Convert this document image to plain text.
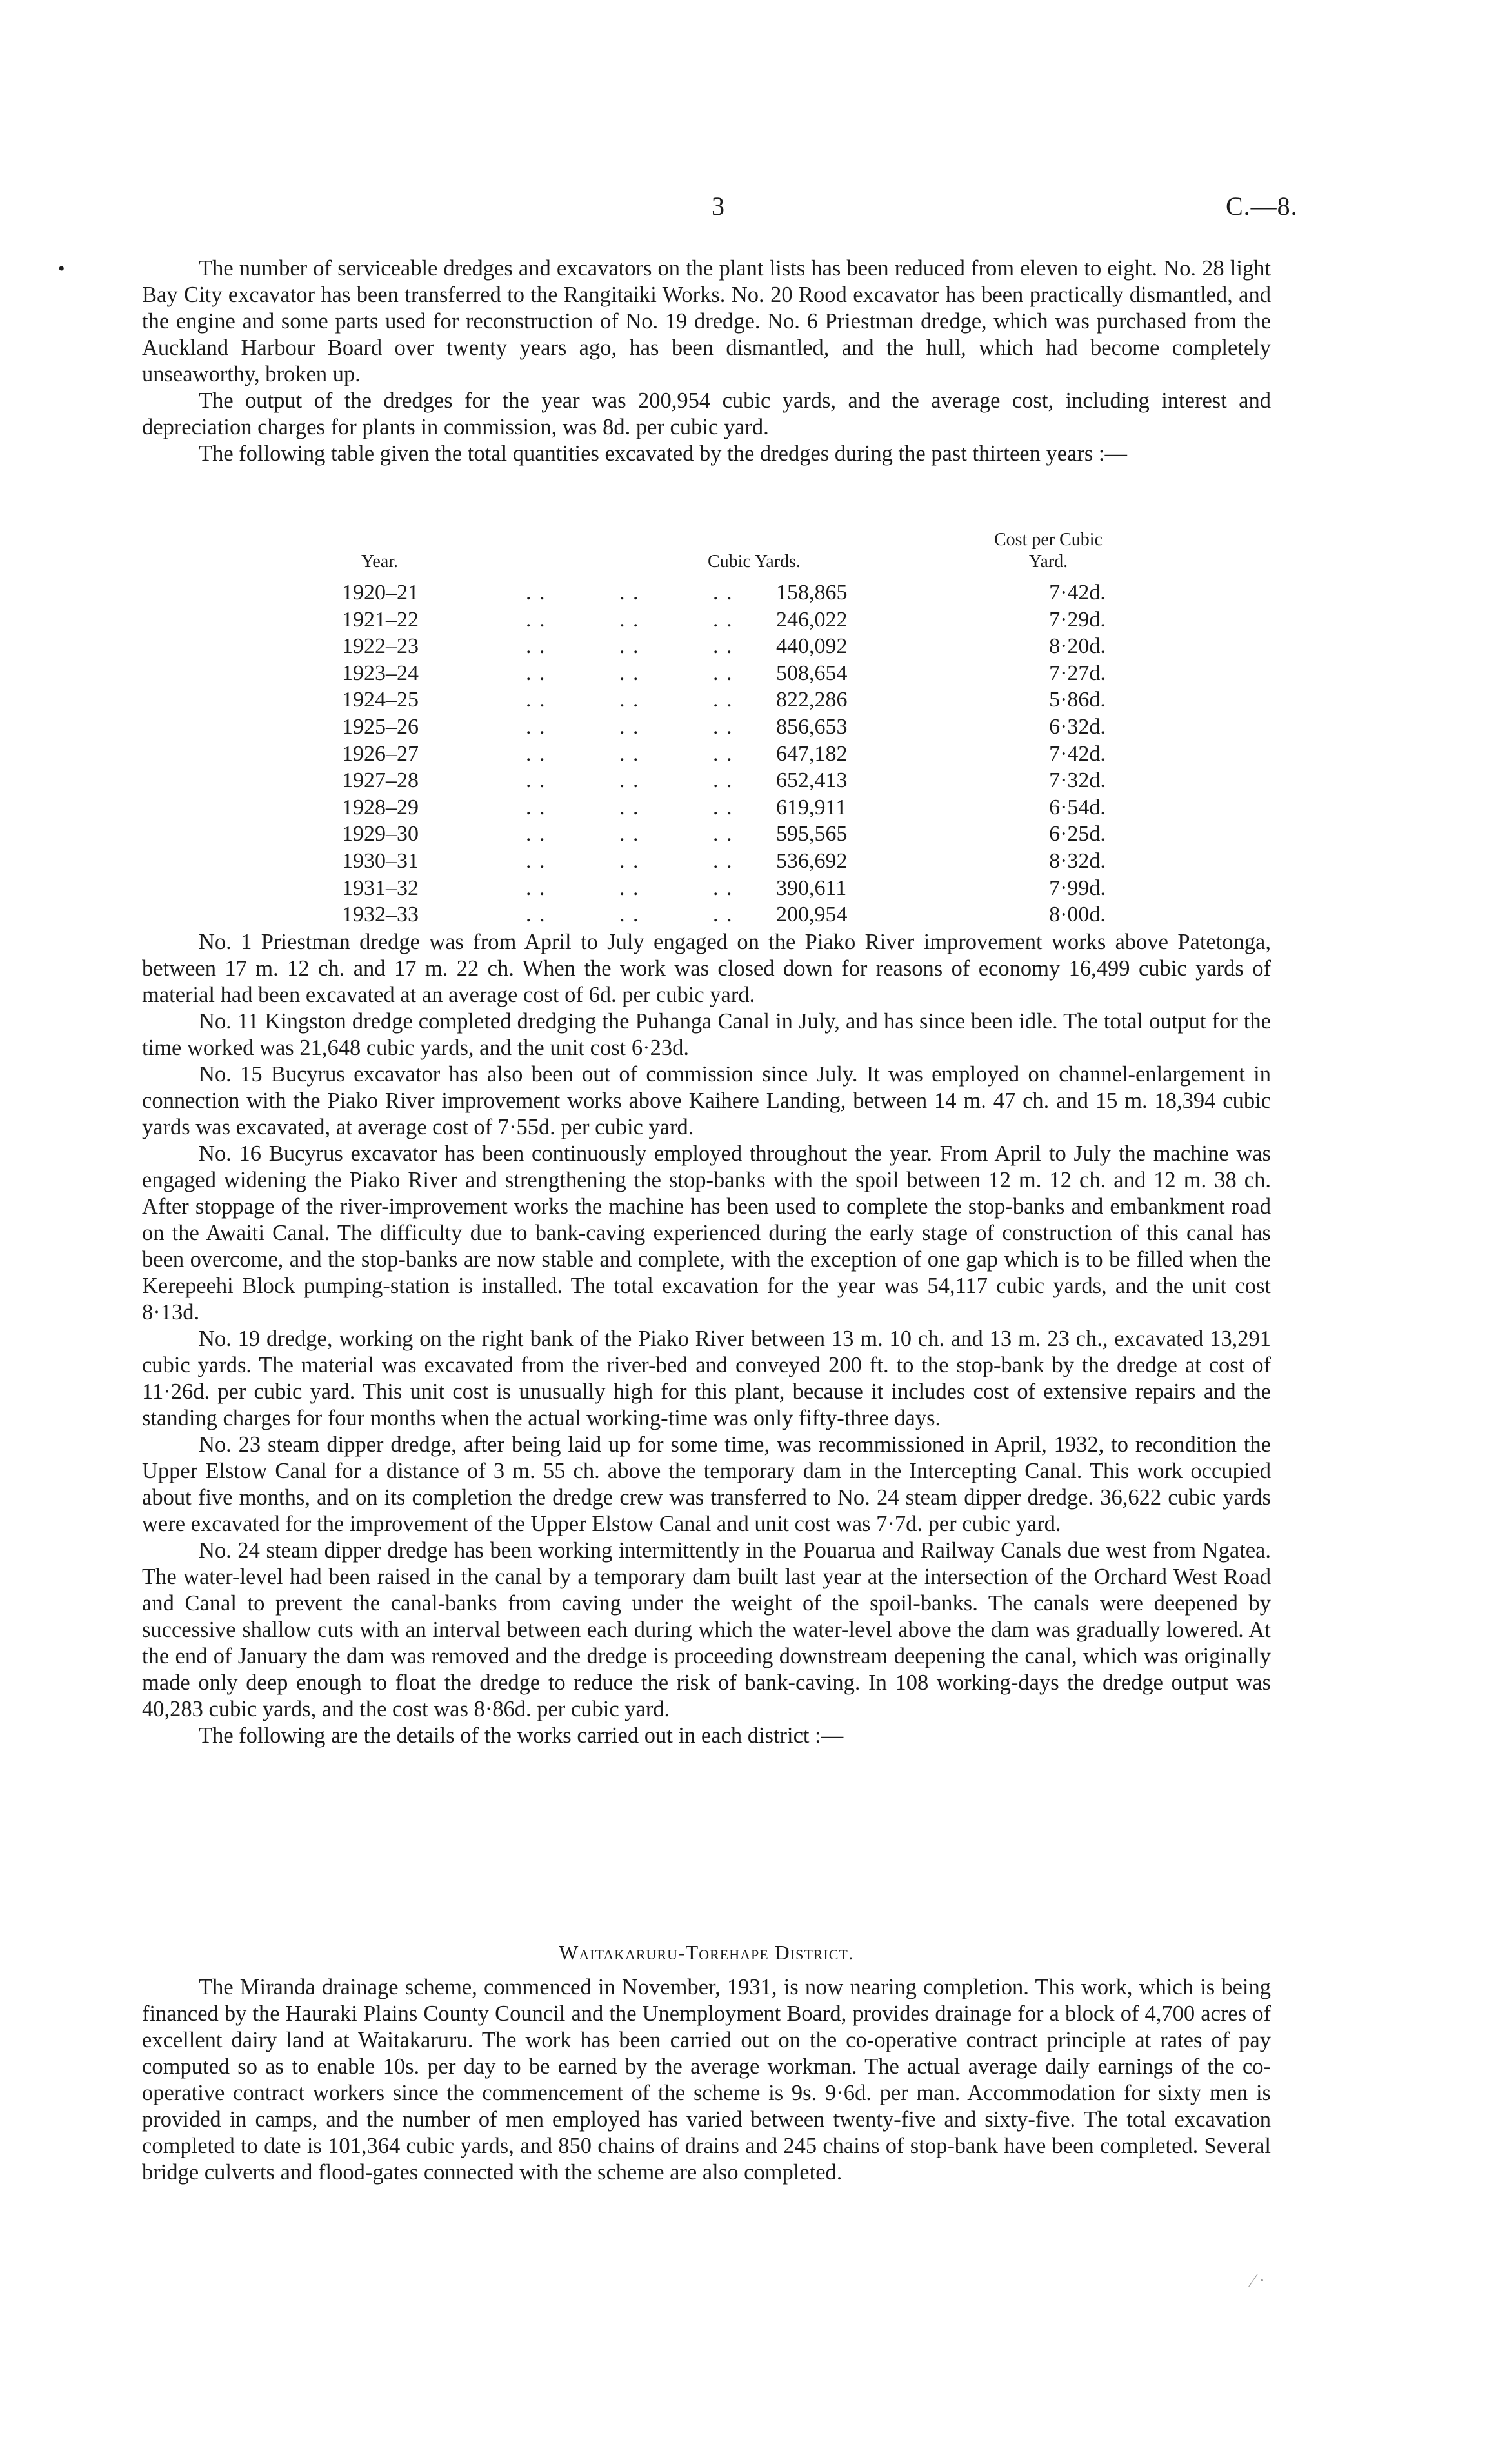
3	C.—8.
•	The number of serviceable dredges and excavators on the plant lists has been reduced from eleven to eight. No. 28 light Bay City excavator has been transferred to the Rangitaiki Works. No. 20 Rood excavator has been practically dismantled, and the engine and some parts used for reconstruction of No. 19 dredge. No. 6 Priestman dredge, which was purchased from the Auckland Harbour Board over twenty years ago, has been dismantled, and the hull, which had become completely unseaworthy, broken up.

The output of the dredges for the year was 200,954 cubic yards, and the average cost, including interest and depreciation charges for plants in commission, was 8d. per cubic yard.

The following table given the total quantities excavated by the dredges during the past thirteen years :—

Year.	Cubic Yards.
Cost per Cubic Yard.
1920–21	. .	. .	. .	158,865	7·42d.
1921–22	. .	. .	. .	246,022	7·29d.
1922–23	. .	. .	. .	440,092	8·20d.
1923–24	. .	. .	. .	508,654	7·27d.
1924–25	. .	. .	. .	822,286	5·86d.
1925–26	. .	. .	. .	856,653	6·32d.
1926–27	. .	. .	. .	647,182	7·42d.
1927–28	. .	. .	. .	652,413	7·32d.
1928–29	. .	. .	. .	619,911	6·54d.
1929–30	. .	. .	. .	595,565	6·25d.
1930–31	. .	. .	. .	536,692	8·32d.
1931–32	. .	. .	. .	390,611	7·99d.
1932–33	. .	. .	. .	200,954	8·00d.

No. 1 Priestman dredge was from April to July engaged on the Piako River improvement works above Patetonga, between 17 m. 12 ch. and 17 m. 22 ch. When the work was closed down for reasons of economy 16,499 cubic yards of material had been excavated at an average cost of 6d. per cubic yard.

No. 11 Kingston dredge completed dredging the Puhanga Canal in July, and has since been idle. The total output for the time worked was 21,648 cubic yards, and the unit cost 6·23d.

No. 15 Bucyrus excavator has also been out of commission since July. It was employed on channel-enlargement in connection with the Piako River improvement works above Kaihere Landing, between 14 m. 47 ch. and 15 m. 18,394 cubic yards was excavated, at average cost of 7·55d. per cubic yard.

No. 16 Bucyrus excavator has been continuously employed throughout the year. From April to July the machine was engaged widening the Piako River and strengthening the stop-banks with the spoil between 12 m. 12 ch. and 12 m. 38 ch. After stoppage of the river-improvement works the machine has been used to complete the stop-banks and embankment road on the Awaiti Canal. The difficulty due to bank-caving experienced during the early stage of construction of this canal has been overcome, and the stop-banks are now stable and complete, with the exception of one gap which is to be filled when the Kerepeehi Block pumping-station is installed. The total excavation for the year was 54,117 cubic yards, and the unit cost 8·13d.

No. 19 dredge, working on the right bank of the Piako River between 13 m. 10 ch. and 13 m. 23 ch., excavated 13,291 cubic yards. The material was excavated from the river-bed and conveyed 200 ft. to the stop-bank by the dredge at cost of 11·26d. per cubic yard. This unit cost is unusually high for this plant, because it includes cost of extensive repairs and the standing charges for four months when the actual working-time was only fifty-three days.

No. 23 steam dipper dredge, after being laid up for some time, was recommissioned in April, 1932, to recondition the Upper Elstow Canal for a distance of 3 m. 55 ch. above the temporary dam in the Intercepting Canal. This work occupied about five months, and on its completion the dredge crew was transferred to No. 24 steam dipper dredge. 36,622 cubic yards were excavated for the improvement of the Upper Elstow Canal and unit cost was 7·7d. per cubic yard.

No. 24 steam dipper dredge has been working intermittently in the Pouarua and Railway Canals due west from Ngatea. The water-level had been raised in the canal by a temporary dam built last year at the intersection of the Orchard West Road and Canal to prevent the canal-banks from caving under the weight of the spoil-banks. The canals were deepened by successive shallow cuts with an interval between each during which the water-level above the dam was gradually lowered. At the end of January the dam was removed and the dredge is proceeding downstream deepening the canal, which was originally made only deep enough to float the dredge to reduce the risk of bank-caving. In 108 working-days the dredge output was 40,283 cubic yards, and the cost was 8·86d. per cubic yard.

The following are the details of the works carried out in each district :—

Waitakaruru-Torehape District.

The Miranda drainage scheme, commenced in November, 1931, is now nearing completion. This work, which is being financed by the Hauraki Plains County Council and the Unemployment Board, provides drainage for a block of 4,700 acres of excellent dairy land at Waitakaruru. The work has been carried out on the co-operative contract principle at rates of pay computed so as to enable 10s. per day to be earned by the average workman. The actual average daily earnings of the co-operative contract workers since the commencement of the scheme is 9s. 9·6d. per man. Accommodation for sixty men is provided in camps, and the number of men employed has varied between twenty-five and sixty-five. The total excavation completed to date is 101,364 cubic yards, and 850 chains of drains and 245 chains of stop-bank have been completed. Several bridge culverts and flood-gates connected with the scheme are also completed.

⁄ ·
